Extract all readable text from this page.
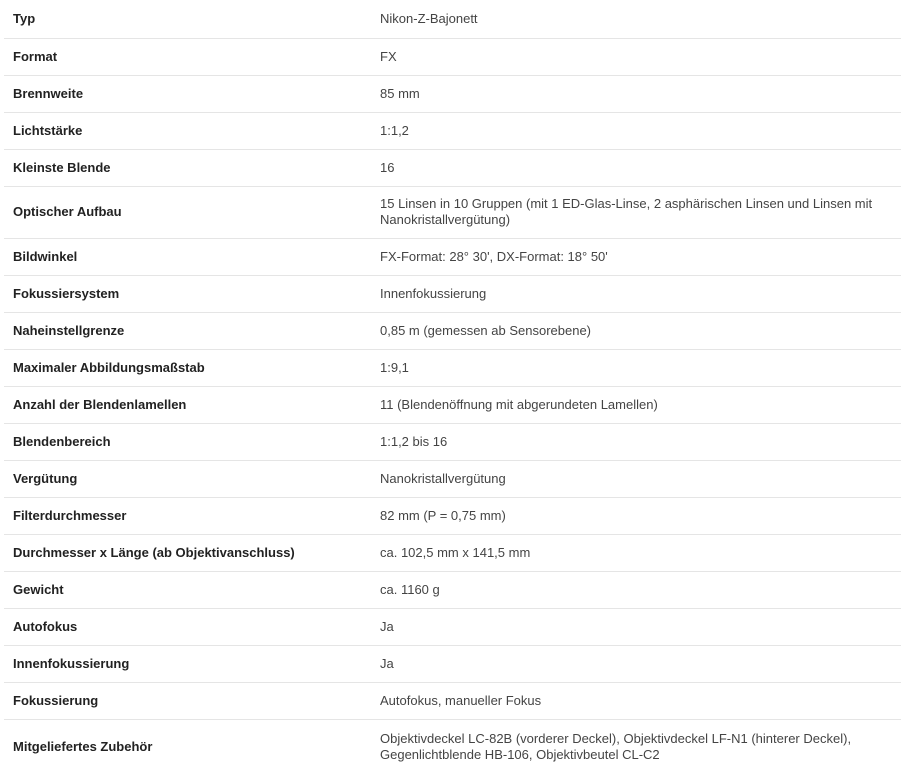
Typ	Nikon-Z-Bajonett
Format	FX
Brennweite	85 mm
Lichtstärke	1:1,2
Kleinste Blende	16
Optischer Aufbau	15 Linsen in 10 Gruppen (mit 1 ED-Glas-Linse, 2 asphärischen Linsen und Linsen mit Nanokristallvergütung)
Bildwinkel	FX-Format: 28° 30', DX-Format: 18° 50'
Fokussiersystem	Innenfokussierung
Naheinstellgrenze	0,85 m (gemessen ab Sensorebene)
Maximaler Abbildungsmaßstab	1:9,1
Anzahl der Blendenlamellen	11 (Blendenöffnung mit abgerundeten Lamellen)
Blendenbereich	1:1,2 bis 16
Vergütung	Nanokristallvergütung
Filterdurchmesser	82 mm (P = 0,75 mm)
Durchmesser x Länge (ab Objektivanschluss)	ca. 102,5 mm x 141,5 mm
Gewicht	ca. 1160 g
Autofokus	Ja
Innenfokussierung	Ja
Fokussierung	Autofokus, manueller Fokus
Mitgeliefertes Zubehör	Objektivdeckel LC-82B (vorderer Deckel), Objektivdeckel LF-N1 (hinterer Deckel), Gegenlichtblende HB-106, Objektivbeutel CL-C2
